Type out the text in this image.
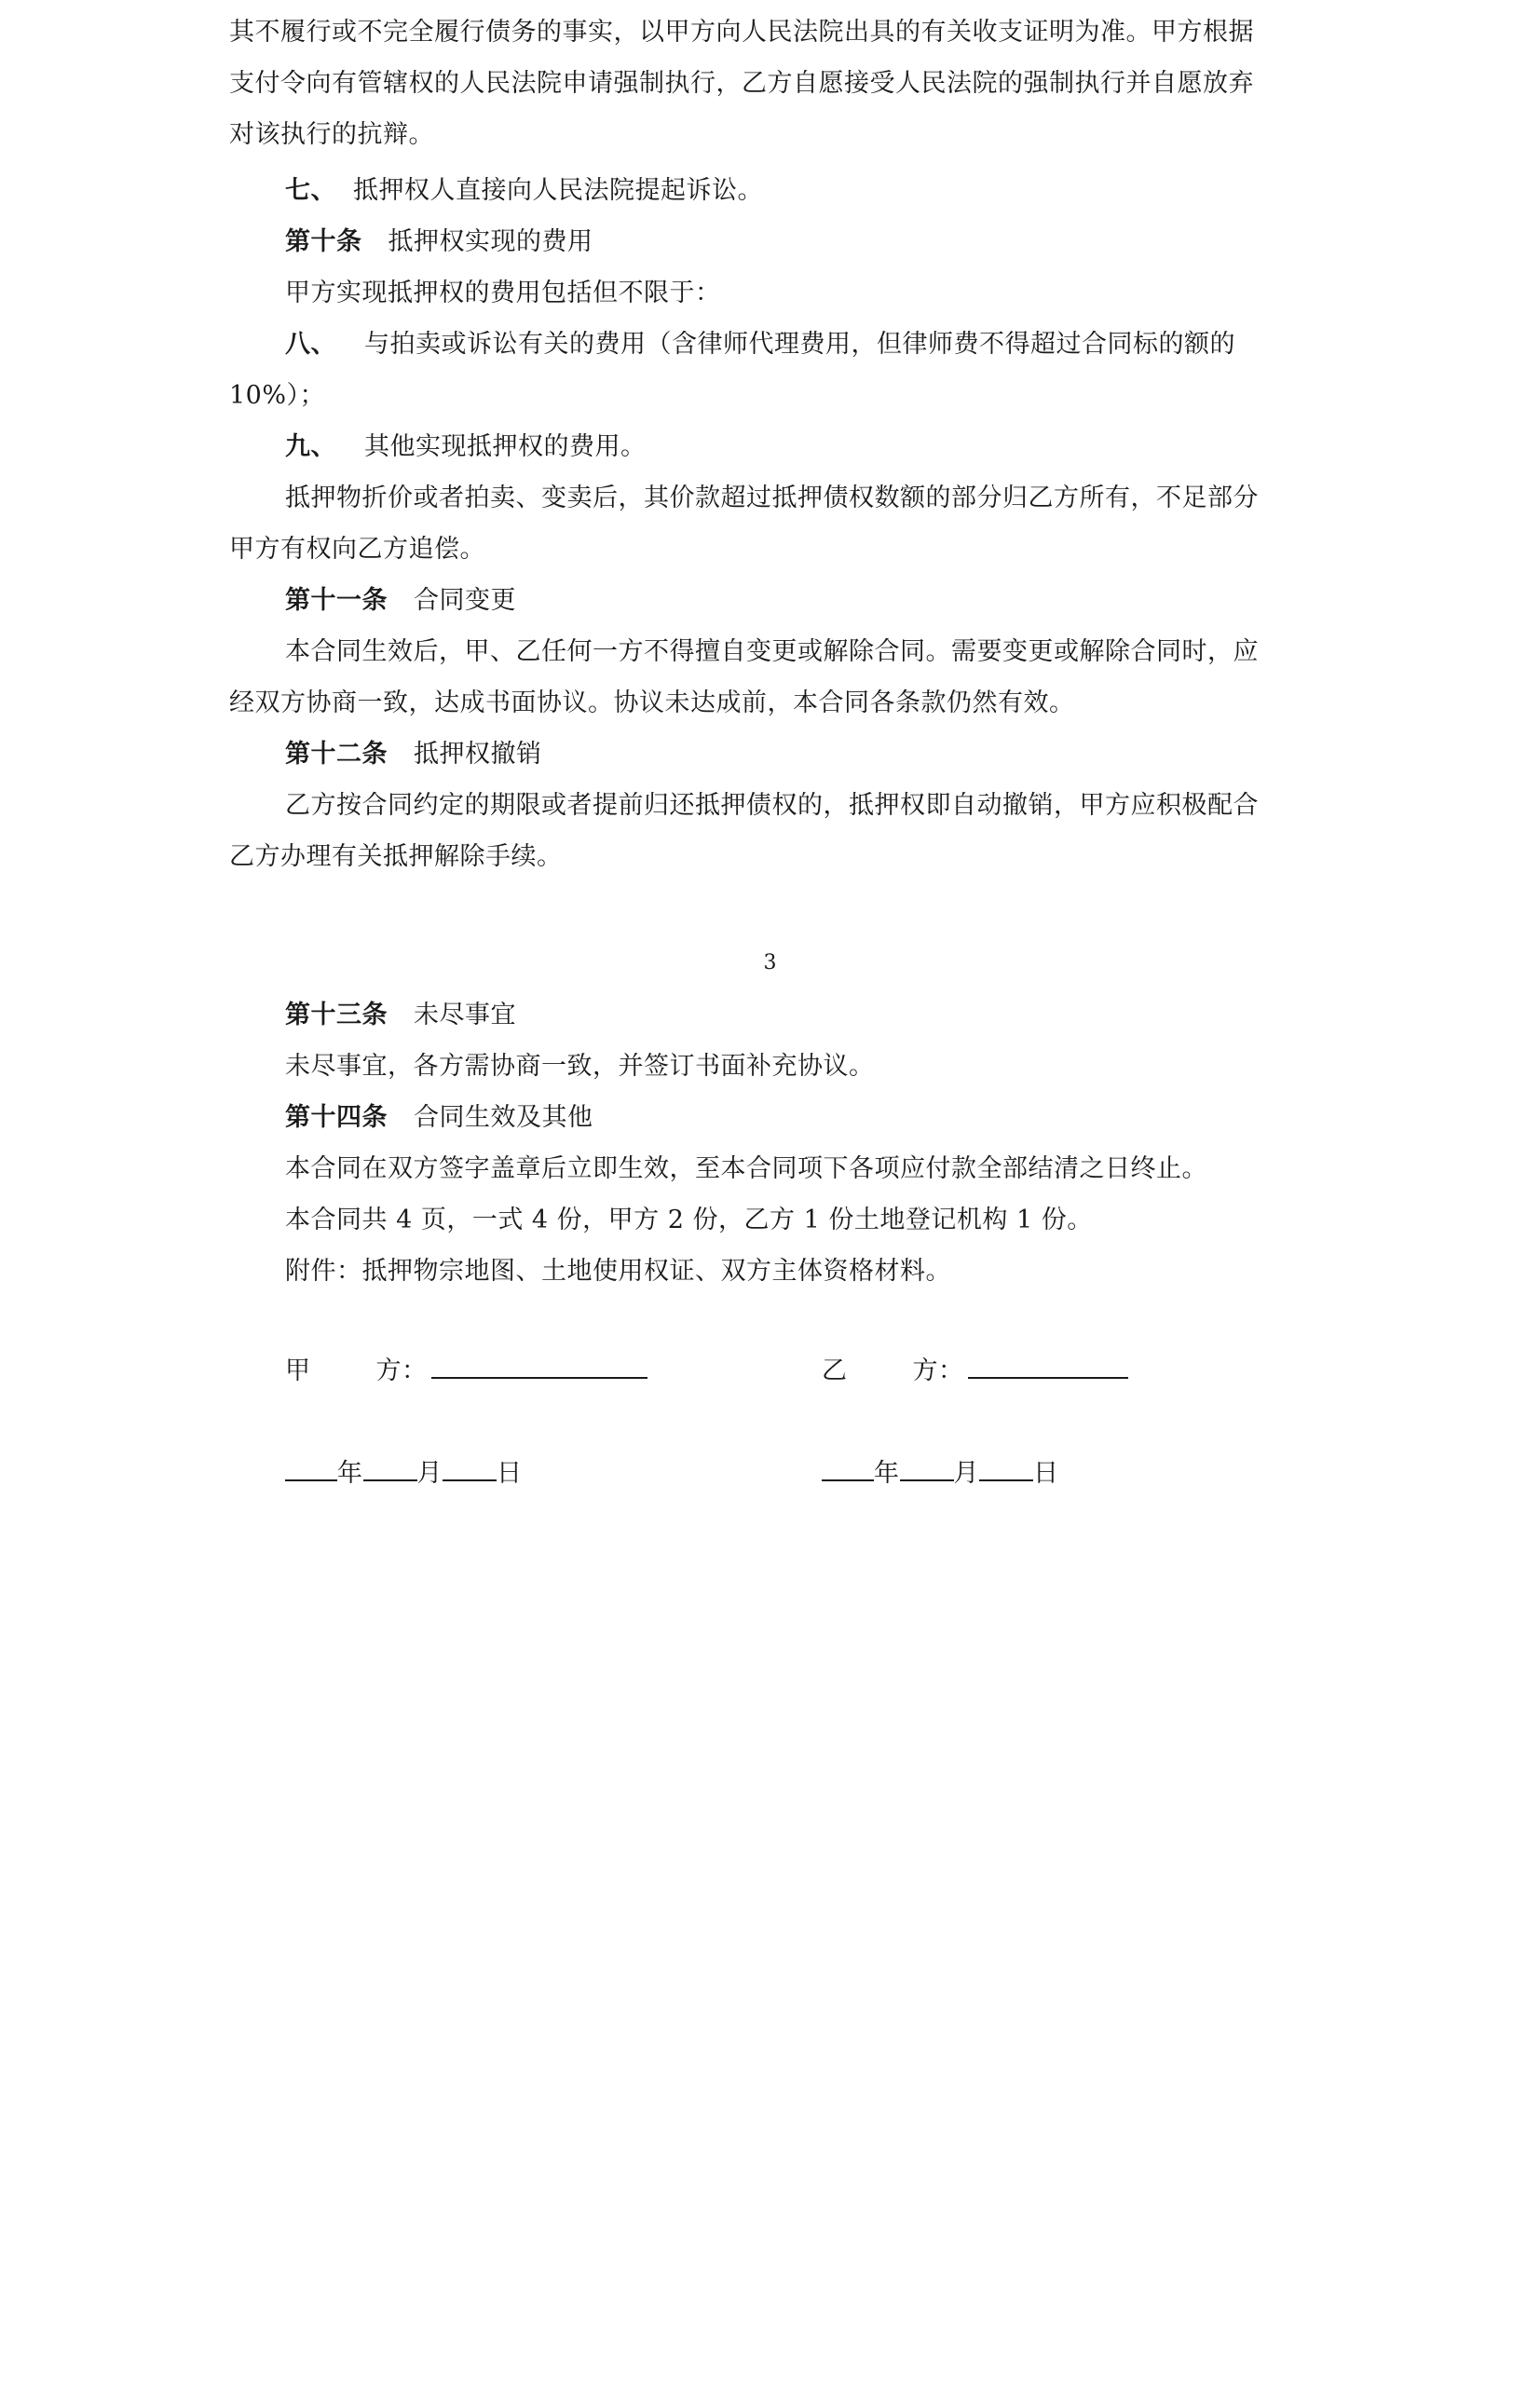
其不履行或不完全履行债务的事实，以甲方向人民法院出具的有关收支证明为准。甲方根据
支付令向有管辖权的人民法院申请强制执行，乙方自愿接受人民法院的强制执行并自愿放弃
对该执行的抗辩。
七、 抵押权人直接向人民法院提起诉讼。
第十条 抵押权实现的费用
甲方实现抵押权的费用包括但不限于：
八、 与拍卖或诉讼有关的费用（含律师代理费用，但律师费不得超过合同标的额的
10%）；
九、 其他实现抵押权的费用。
抵押物折价或者拍卖、变卖后，其价款超过抵押债权数额的部分归乙方所有，不足部分
甲方有权向乙方追偿。
第十一条 合同变更
本合同生效后，甲、乙任何一方不得擅自变更或解除合同。需要变更或解除合同时，应
经双方协商一致，达成书面协议。协议未达成前，本合同各条款仍然有效。
第十二条 抵押权撤销
乙方按合同约定的期限或者提前归还抵押债权的，抵押权即自动撤销，甲方应积极配合
乙方办理有关抵押解除手续。
3
第十三条 未尽事宜
未尽事宜，各方需协商一致，并签订书面补充协议。
第十四条 合同生效及其他
本合同在双方签字盖章后立即生效，至本合同项下各项应付款全部结清之日终止。
本合同共 4 页，一式 4 份，甲方 2 份，乙方 1 份土地登记机构 1 份。
附件：抵押物宗地图、土地使用权证、双方主体资格材料。
甲	方：	乙	方：
年 月 日	年 月 日
